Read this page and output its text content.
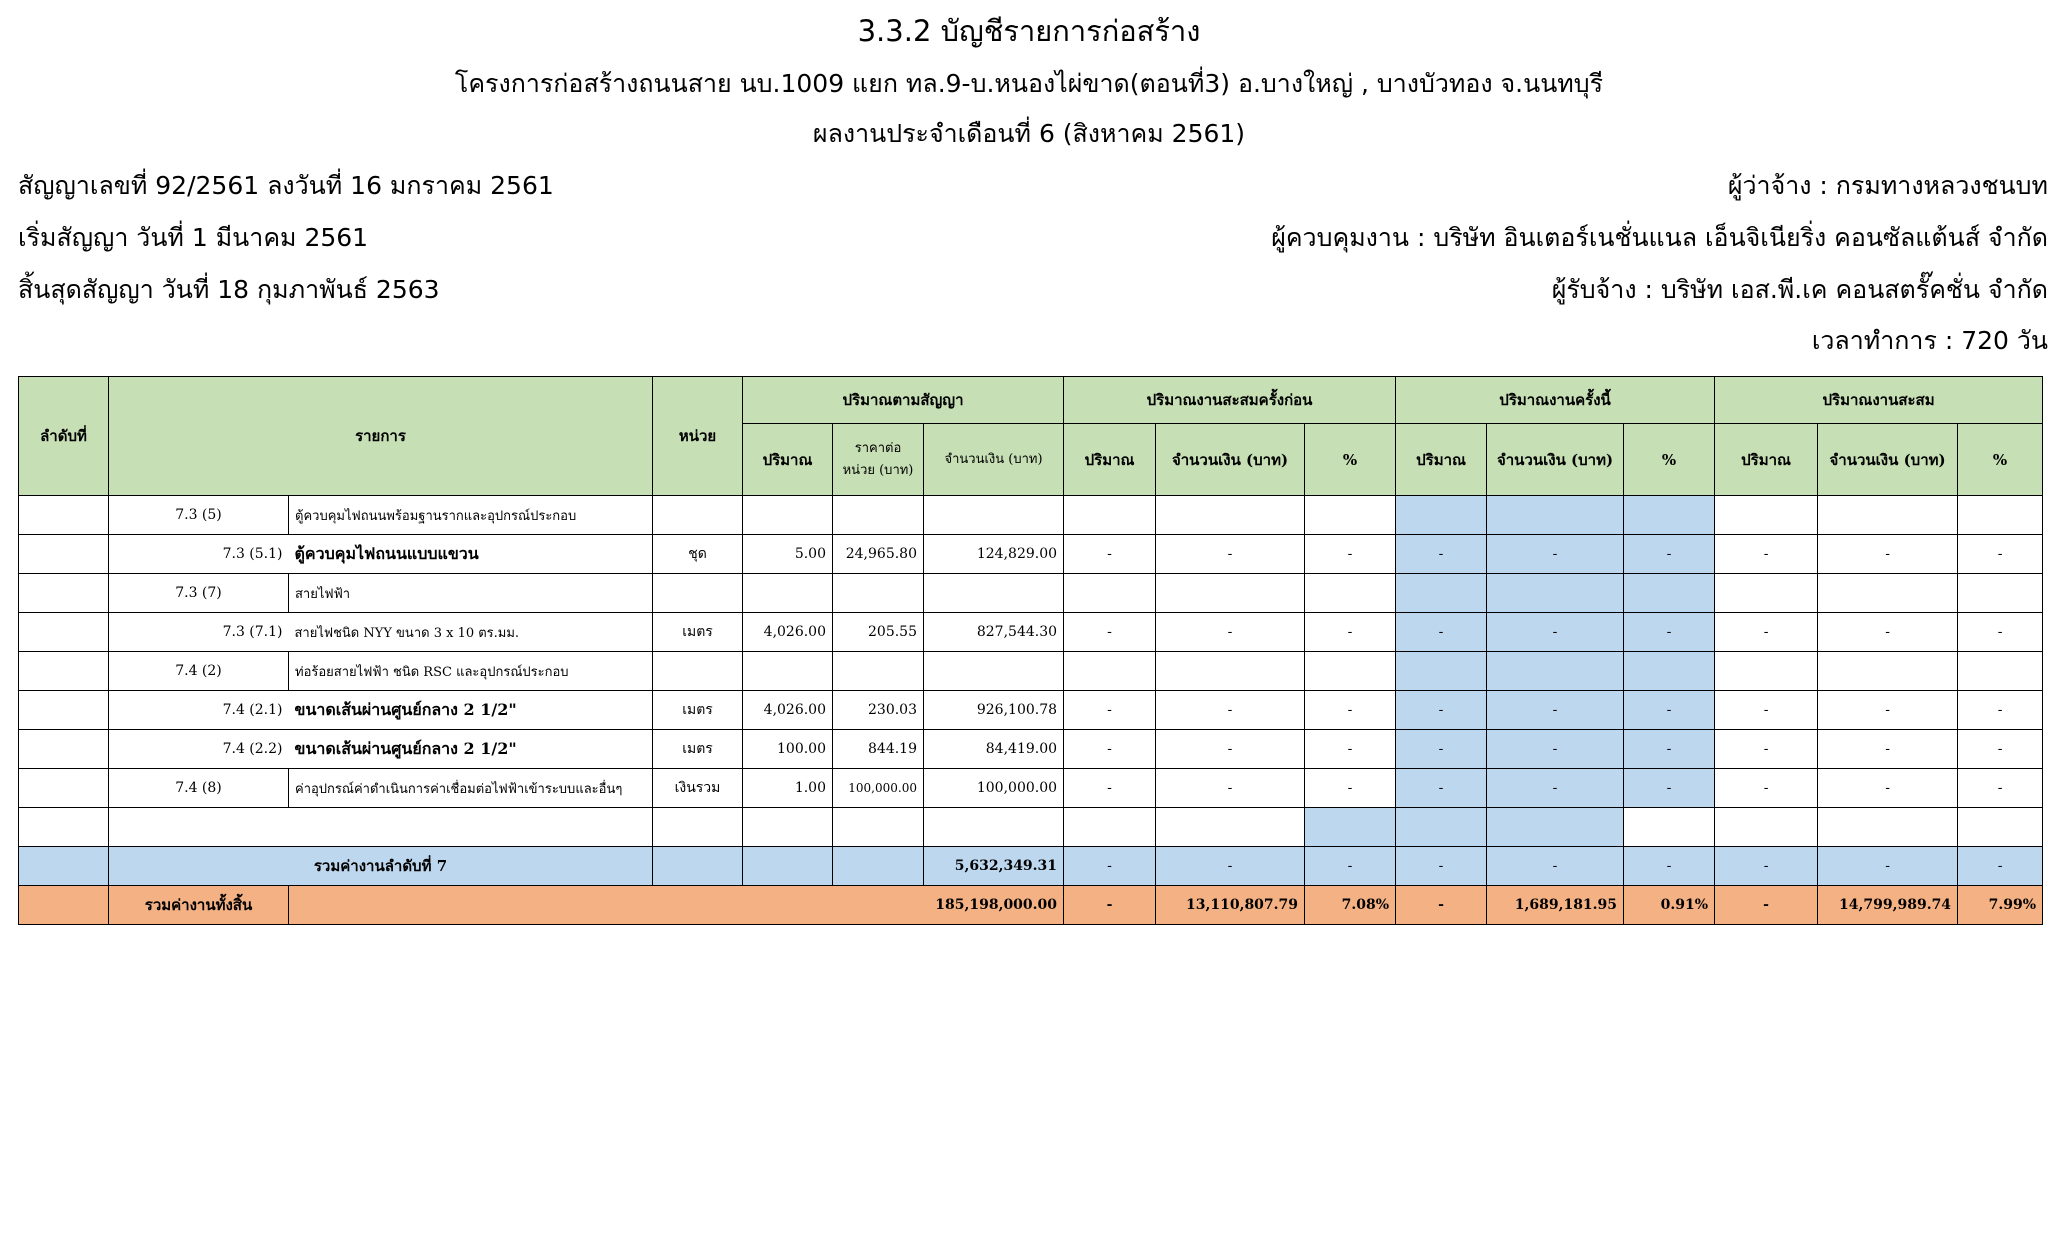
3.3.2 บัญชีรายการก่อสร้าง
โครงการก่อสร้างถนนสาย นบ.1009 แยก ทล.9-บ.หนองไผ่ขาด(ตอนที่3) อ.บางใหญ่ , บางบัวทอง จ.นนทบุรี
ผลงานประจำเดือนที่ 6 (สิงหาคม 2561)
สัญญาเลขที่ 92/2561 ลงวันที่ 16 มกราคม 2561
เริ่มสัญญา วันที่ 1 มีนาคม 2561
สิ้นสุดสัญญา วันที่ 18 กุมภาพันธ์ 2563
ผู้ว่าจ้าง : กรมทางหลวงชนบท
ผู้ควบคุมงาน : บริษัท อินเตอร์เนชั่นแนล เอ็นจิเนียริ่ง คอนซัลแต้นส์ จำกัด
ผู้รับจ้าง : บริษัท เอส.พี.เค คอนสตรั๊คชั่น จำกัด
เวลาทำการ : 720 วัน
ลำดับที่	รายการ		หน่วย	ปริมาณตามสัญญา			ปริมาณงานสะสมครั้งก่อน			ปริมาณงานครั้งนี้			ปริมาณงานสะสม		
				ปริมาณ	ราคาต่อหน่วย (บาท)	จำนวนเงิน (บาท)	ปริมาณ	จำนวนเงิน (บาท)	%	ปริมาณ	จำนวนเงิน (บาท)	%	ปริมาณ	จำนวนเงิน (บาท)	%
	7.3 (5)	ตู้ควบคุมไฟถนนพร้อมฐานรากและอุปกรณ์ประกอบ													
	7.3 (5.1)	ตู้ควบคุมไฟถนนแบบแขวน	ชุด	5.00	24,965.80	124,829.00	-	-	-	-	-	-	-	-	-
	7.3 (7)	สายไฟฟ้า													
	7.3 (7.1)	สายไฟชนิด NYY ขนาด 3 x 10 ตร.มม.	เมตร	4,026.00	205.55	827,544.30	-	-	-	-	-	-	-	-	-
	7.4 (2)	ท่อร้อยสายไฟฟ้า ชนิด RSC และอุปกรณ์ประกอบ													
	7.4 (2.1)	ขนาดเส้นผ่านศูนย์กลาง 2 1/2"	เมตร	4,026.00	230.03	926,100.78	-	-	-	-	-	-	-	-	-
	7.4 (2.2)	ขนาดเส้นผ่านศูนย์กลาง 2 1/2"	เมตร	100.00	844.19	84,419.00	-	-	-	-	-	-	-	-	-
	7.4 (8)	ค่าอุปกรณ์ค่าดำเนินการค่าเชื่อมต่อไฟฟ้าเข้าระบบและอื่นๆ	เงินรวม	1.00	100,000.00	100,000.00	-	-	-	-	-	-	-	-	-

	รวมค่างานลำดับที่ 7					5,632,349.31	-	-	-	-	-	-	-	-	-
	รวมค่างานทั้งสิ้น	185,198,000.00					-	13,110,807.79	7.08%	-	1,689,181.95	0.91%	-	14,799,989.74	7.99%
